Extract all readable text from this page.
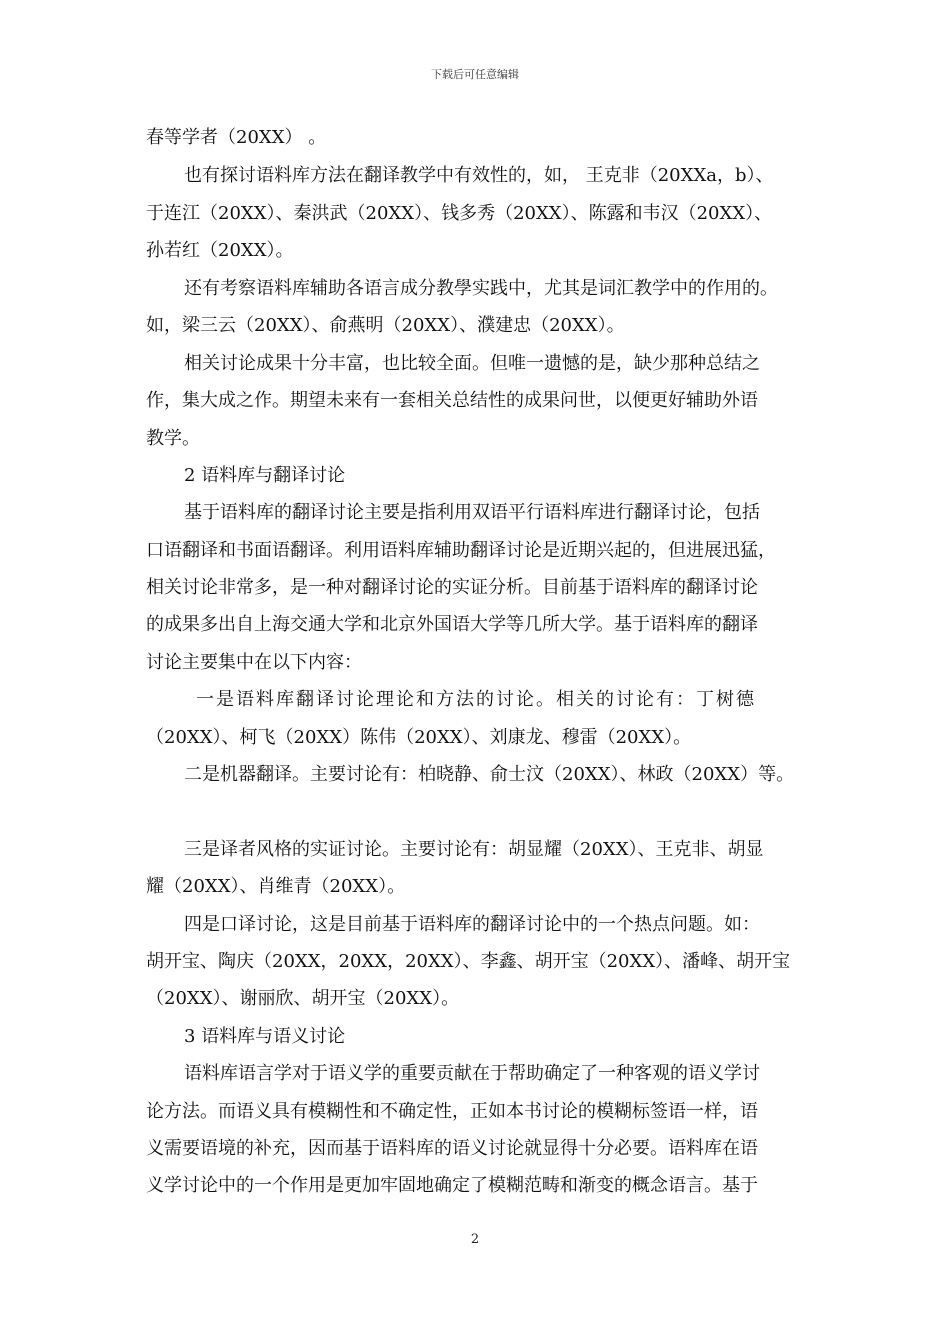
下载后可任意编辑
春等学者（20XX） 。
也有探讨语料库方法在翻译教学中有效性的，如， 王克非（20XXa，b）、
于连江（20XX）、秦洪武（20XX）、钱多秀（20XX）、陈露和韦汉（20XX）、
孙若红（20XX）。
还有考察语料库辅助各语言成分教學实践中，尤其是词汇教学中的作用的。
如，梁三云（20XX）、俞燕明（20XX）、濮建忠（20XX）。
相关讨论成果十分丰富，也比较全面。但唯一遗憾的是，缺少那种总结之
作，集大成之作。期望未来有一套相关总结性的成果问世，以便更好辅助外语
教学。
2 语料库与翻译讨论
基于语料库的翻译讨论主要是指利用双语平行语料库进行翻译讨论，包括
口语翻译和书面语翻译。利用语料库辅助翻译讨论是近期兴起的，但进展迅猛，
相关讨论非常多，是一种对翻译讨论的实证分析。目前基于语料库的翻译讨论
的成果多出自上海交通大学和北京外国语大学等几所大学。基于语料库的翻译
讨论主要集中在以下内容：
一是语料库翻译讨论理论和方法的讨论。相关的讨论有：丁树德
（20XX）、柯飞（20XX）陈伟（20XX）、刘康龙、穆雷（20XX）。
二是机器翻译。主要讨论有：柏晓静、俞士汶（20XX）、林政（20XX）等。
三是译者风格的实证讨论。主要讨论有：胡显耀（20XX）、王克非、胡显
耀（20XX）、肖维青（20XX）。
四是口译讨论，这是目前基于语料库的翻译讨论中的一个热点问题。如：
胡开宝、陶庆（20XX，20XX，20XX）、李鑫、胡开宝（20XX）、潘峰、胡开宝
（20XX）、谢丽欣、胡开宝（20XX）。
3 语料库与语义讨论
语料库语言学对于语义学的重要贡献在于帮助确定了一种客观的语义学讨
论方法。而语义具有模糊性和不确定性，正如本书讨论的模糊标签语一样，语
义需要语境的补充，因而基于语料库的语义讨论就显得十分必要。语料库在语
义学讨论中的一个作用是更加牢固地确定了模糊范畴和渐变的概念语言。基于
2
